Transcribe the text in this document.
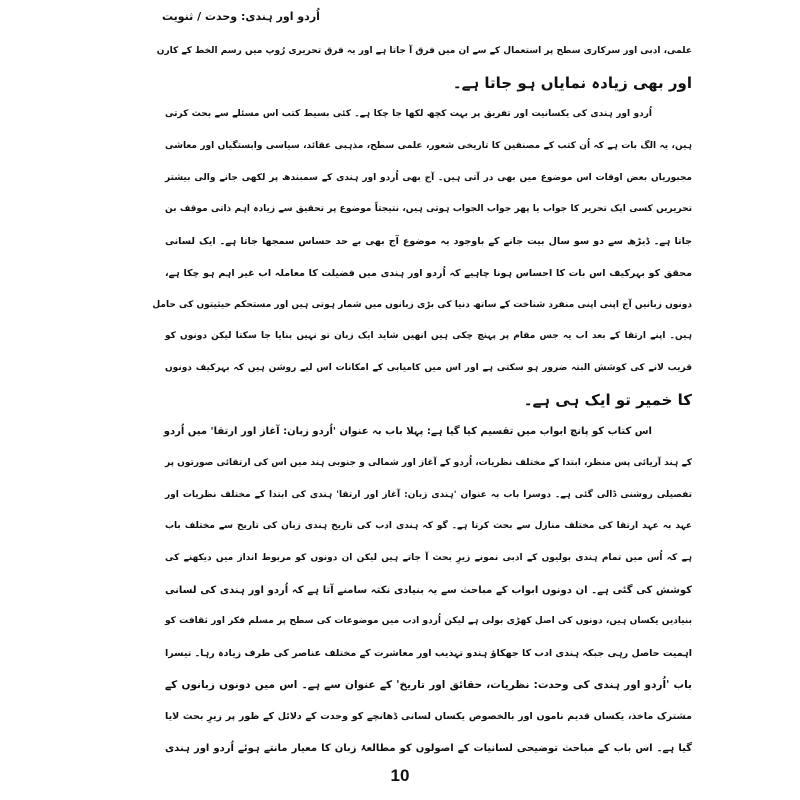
اُردو اور ہندی: وحدت / ثنویت
علمی، ادبی اور سرکاری سطح پر استعمال کے سے ان میں فرق آ جاتا ہے اور یہ فرق تحریری رُوپ میں رسم الخط کے کارن
اور بھی زیادہ نمایاں ہو جاتا ہے۔
اُردو اور ہندی کی یکسانیت اور تفریق پر بہت کچھ لکھا جا چکا ہے۔ کئی بسیط کتب اس مسئلے سے بحث کرتی
ہیں، یہ الگ بات ہے کہ اُن کتب کے مصنفین کا تاریخی شعور، علمی سطح، مذہبی عقائد، سیاسی وابستگیاں اور معاشی
مجبوریاں بعض اوقات اس موضوع میں بھی در آتی ہیں۔ آج بھی اُردو اور ہندی کے سمبندھ پر لکھی جانے والی بیشتر
تحریریں کسی ایک تحریر کا جواب یا پھر جواب الجواب ہوتی ہیں، نتیجتاً موضوع پر تحقیق سے زیادہ اہم ذاتی موقف بن
جاتا ہے۔ ڈیڑھ سے دو سو سال بیت جانے کے باوجود یہ موضوع آج بھی بے حد حساس سمجھا جاتا ہے۔ ایک لسانی
محقق کو بہرکیف اس بات کا احساس ہونا چاہیے کہ اُردو اور ہندی میں فضیلت کا معاملہ اب غیر اہم ہو چکا ہے،
دونوں زبانیں آج اپنی اپنی منفرد شناخت کے ساتھ دنیا کی بڑی زبانوں میں شمار ہوتی ہیں اور مستحکم حیثیتوں کی حامل
ہیں۔ اپنے ارتقا کے بعد اب یہ جس مقام پر پہنچ چکی ہیں انھیں شاید ایک زبان تو نہیں بنایا جا سکتا لیکن دونوں کو
قریب لانے کی کوشش البتہ ضرور ہو سکتی ہے اور اس میں کامیابی کے امکانات اس لیے روشن ہیں کہ بہرکیف دونوں
کا خمیر تو ایک ہی ہے۔
اس کتاب کو پانچ ابواب میں تقسیم کیا گیا ہے: پہلا باب بہ عنوان 'اُردو زبان: آغاز اور ارتقا' میں اُردو
کے ہند آریائی پس منظر، ابتدا کے مختلف نظریات، اُردو کے آغاز اور شمالی و جنوبی ہند میں اس کی ارتقائی صورتوں پر
تفصیلی روشنی ڈالی گئی ہے۔ دوسرا باب بہ عنوان 'ہندی زبان: آغاز اور ارتقا' ہندی کی ابتدا کے مختلف نظریات اور
عہد بہ عہد ارتقا کی مختلف منازل سے بحث کرتا ہے۔ گو کہ ہندی ادب کی تاریخ ہندی زبان کی تاریخ سے مختلف باب
ہے کہ اُس میں تمام ہندی بولیوں کے ادبی نمونے زیرِ بحث آ جاتے ہیں لیکن ان دونوں کو مربوط انداز میں دیکھنے کی
کوشش کی گئی ہے۔ ان دونوں ابواب کے مباحث سے یہ بنیادی نکتہ سامنے آتا ہے کہ اُردو اور ہندی کی لسانی
بنیادیں یکساں ہیں، دونوں کی اصل کھڑی بولی ہے لیکن اُردو ادب میں موضوعات کی سطح پر مسلم فکر اور ثقافت کو
اہمیت حاصل رہی جبکہ ہندی ادب کا جھکاؤ ہندو تہذیب اور معاشرت کے مختلف عناصر کی طرف زیادہ رہا۔ تیسرا
باب 'اُردو اور ہندی کی وحدت: نظریات، حقائق اور تاریخ' کے عنوان سے ہے۔ اس میں دونوں زبانوں کے
مشترک ماخذ، یکساں قدیم ناموں اور بالخصوص یکساں لسانی ڈھانچے کو وحدت کے دلائل کے طور پر زیرِ بحث لایا
گیا ہے۔ اس باب کے مباحث توضیحی لسانیات کے اصولوں کو مطالعۂ زبان کا معیار مانتے ہوئے اُردو اور ہندی
10
